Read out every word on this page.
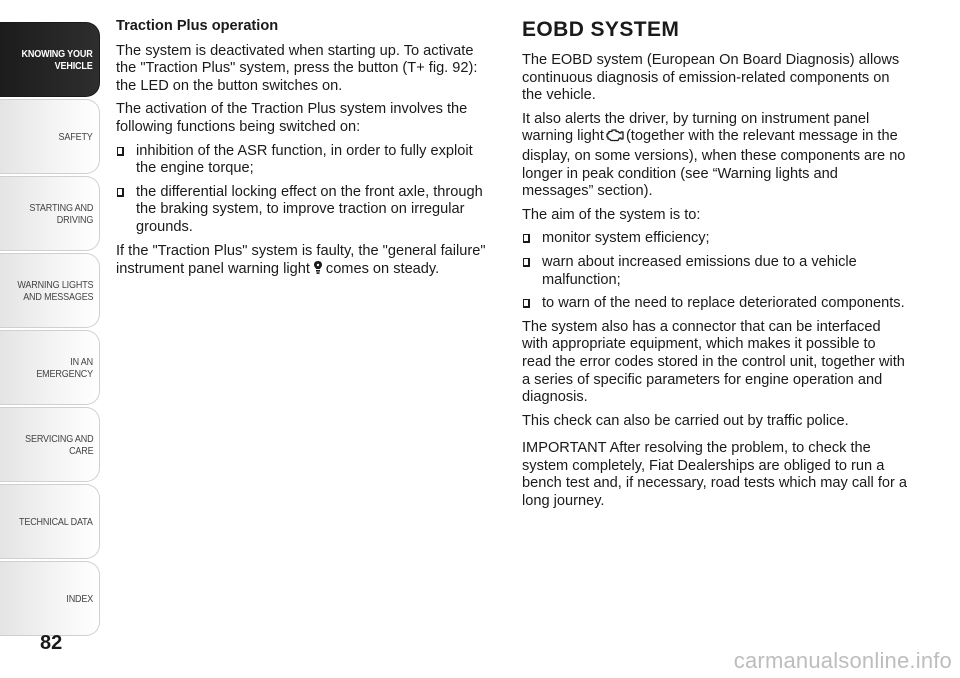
KNOWING YOUR
VEHICLE
SAFETY
STARTING AND
DRIVING
WARNING LIGHTS
AND MESSAGES
IN AN EMERGENCY
SERVICING AND
CARE
TECHNICAL DATA
INDEX
82

Traction Plus operation

The system is deactivated when starting up. To activate the "Traction Plus" system, press the button (T+ fig. 92): the LED on the button switches on.

The activation of the Traction Plus system involves the following functions being switched on:

inhibition of the ASR function, in order to fully exploit the engine torque;
the differential locking effect on the front axle, through the braking system, to improve traction on irregular grounds.

If the "Traction Plus" system is faulty, the "general failure" instrument panel warning light comes on steady.

EOBD SYSTEM

The EOBD system (European On Board Diagnosis) allows continuous diagnosis of emission-related components on the vehicle.

It also alerts the driver, by turning on instrument panel warning light (together with the relevant message in the display, on some versions), when these components are no longer in peak condition (see “Warning lights and messages” section).

The aim of the system is to:

monitor system efficiency;
warn about increased emissions due to a vehicle malfunction;
to warn of the need to replace deteriorated components.

The system also has a connector that can be interfaced with appropriate equipment, which makes it possible to read the error codes stored in the control unit, together with a series of specific parameters for engine operation and diagnosis.

This check can also be carried out by traffic police.

IMPORTANT After resolving the problem, to check the system completely, Fiat Dealerships are obliged to run a bench test and, if necessary, road tests which may call for a long journey.

carmanualsonline.info
